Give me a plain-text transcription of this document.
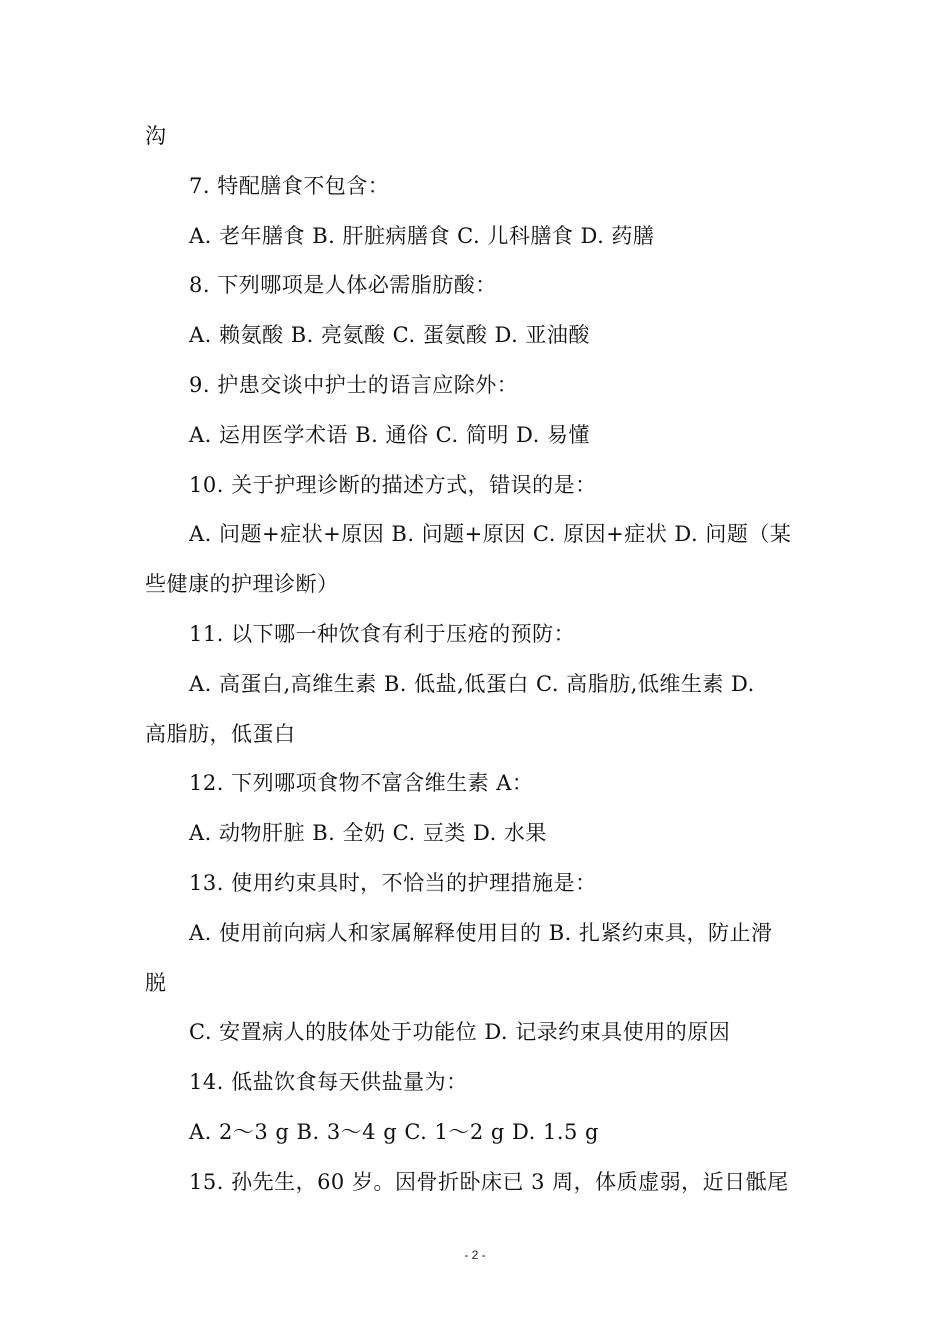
沟
7. 特配膳食不包含：
A. 老年膳食 B. 肝脏病膳食 C. 儿科膳食 D. 药膳
8. 下列哪项是人体必需脂肪酸：
A. 赖氨酸 B. 亮氨酸 C. 蛋氨酸 D. 亚油酸
9. 护患交谈中护士的语言应除外：
A. 运用医学术语 B. 通俗 C. 简明 D. 易懂
10. 关于护理诊断的描述方式，错误的是：
A. 问题+症状+原因 B. 问题+原因 C. 原因+症状 D. 问题（某
些健康的护理诊断）
11. 以下哪一种饮食有利于压疮的预防：
A. 高蛋白,高维生素 B. 低盐,低蛋白 C. 高脂肪,低维生素 D.
高脂肪，低蛋白
12. 下列哪项食物不富含维生素 A：
A. 动物肝脏 B. 全奶 C. 豆类 D. 水果
13. 使用约束具时，不恰当的护理措施是：
A. 使用前向病人和家属解释使用目的 B. 扎紧约束具，防止滑
脱
C. 安置病人的肢体处于功能位 D. 记录约束具使用的原因
14. 低盐饮食每天供盐量为：
A. 2～3 g B. 3～4 g C. 1～2 g D. 1.5 g
15. 孙先生，60 岁。因骨折卧床已 3 周，体质虚弱，近日骶尾
- 2 -
